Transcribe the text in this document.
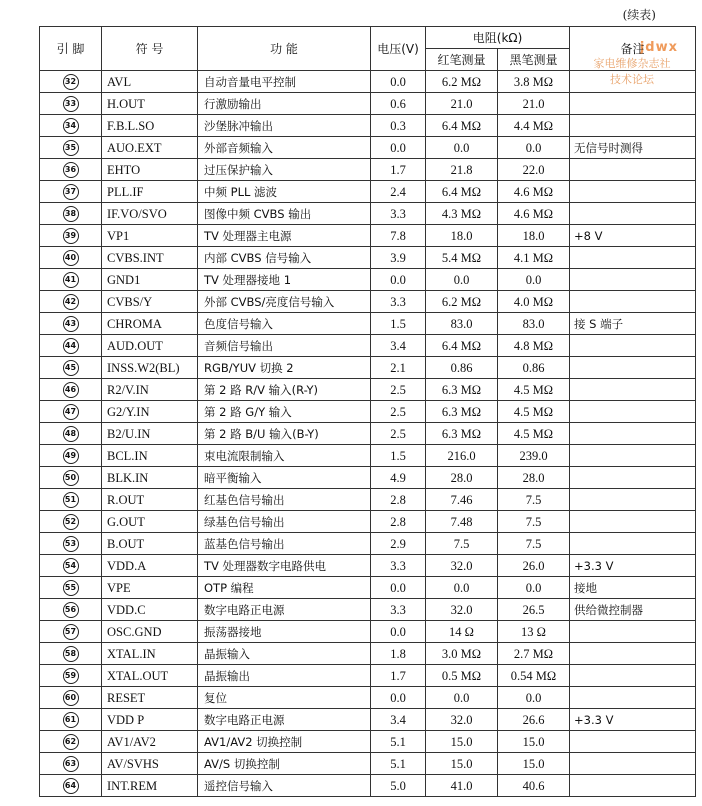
(续表)
jdwx
家电维修杂志社
技术论坛
引 脚	符 号	功 能	电压(V)	电阻(kΩ)		备注
				红笔测量	黑笔测量	
32	AVL	自动音量电平控制	0.0	6.2 MΩ	3.8 MΩ	
33	H.OUT	行激励输出	0.6	21.0	21.0	
34	F.B.L.SO	沙堡脉冲输出	0.3	6.4 MΩ	4.4 MΩ	
35	AUO.EXT	外部音频输入	0.0	0.0	0.0	无信号时测得
36	EHTO	过压保护输入	1.7	21.8	22.0	
37	PLL.IF	中频 PLL 滤波	2.4	6.4 MΩ	4.6 MΩ	
38	IF.VO/SVO	图像中频 CVBS 输出	3.3	4.3 MΩ	4.6 MΩ	
39	VP1	TV 处理器主电源	7.8	18.0	18.0	+8 V
40	CVBS.INT	内部 CVBS 信号输入	3.9	5.4 MΩ	4.1 MΩ	
41	GND1	TV 处理器接地 1	0.0	0.0	0.0	
42	CVBS/Y	外部 CVBS/亮度信号输入	3.3	6.2 MΩ	4.0 MΩ	
43	CHROMA	色度信号输入	1.5	83.0	83.0	接 S 端子
44	AUD.OUT	音频信号输出	3.4	6.4 MΩ	4.8 MΩ	
45	INSS.W2(BL)	RGB/YUV 切换 2	2.1	0.86	0.86	
46	R2/V.IN	第 2 路 R/V 输入(R-Y)	2.5	6.3 MΩ	4.5 MΩ	
47	G2/Y.IN	第 2 路 G/Y 输入	2.5	6.3 MΩ	4.5 MΩ	
48	B2/U.IN	第 2 路 B/U 输入(B-Y)	2.5	6.3 MΩ	4.5 MΩ	
49	BCL.IN	束电流限制输入	1.5	216.0	239.0	
50	BLK.IN	暗平衡输入	4.9	28.0	28.0	
51	R.OUT	红基色信号输出	2.8	7.46	7.5	
52	G.OUT	绿基色信号输出	2.8	7.48	7.5	
53	B.OUT	蓝基色信号输出	2.9	7.5	7.5	
54	VDD.A	TV 处理器数字电路供电	3.3	32.0	26.0	+3.3 V
55	VPE	OTP 编程	0.0	0.0	0.0	接地
56	VDD.C	数字电路正电源	3.3	32.0	26.5	供给微控制器
57	OSC.GND	振荡器接地	0.0	14 Ω	13 Ω	
58	XTAL.IN	晶振输入	1.8	3.0 MΩ	2.7 MΩ	
59	XTAL.OUT	晶振输出	1.7	0.5 MΩ	0.54 MΩ	
60	RESET	复位	0.0	0.0	0.0	
61	VDD P	数字电路正电源	3.4	32.0	26.6	+3.3 V
62	AV1/AV2	AV1/AV2 切换控制	5.1	15.0	15.0	
63	AV/SVHS	AV/S 切换控制	5.1	15.0	15.0	
64	INT.REM	遥控信号输入	5.0	41.0	40.6	
